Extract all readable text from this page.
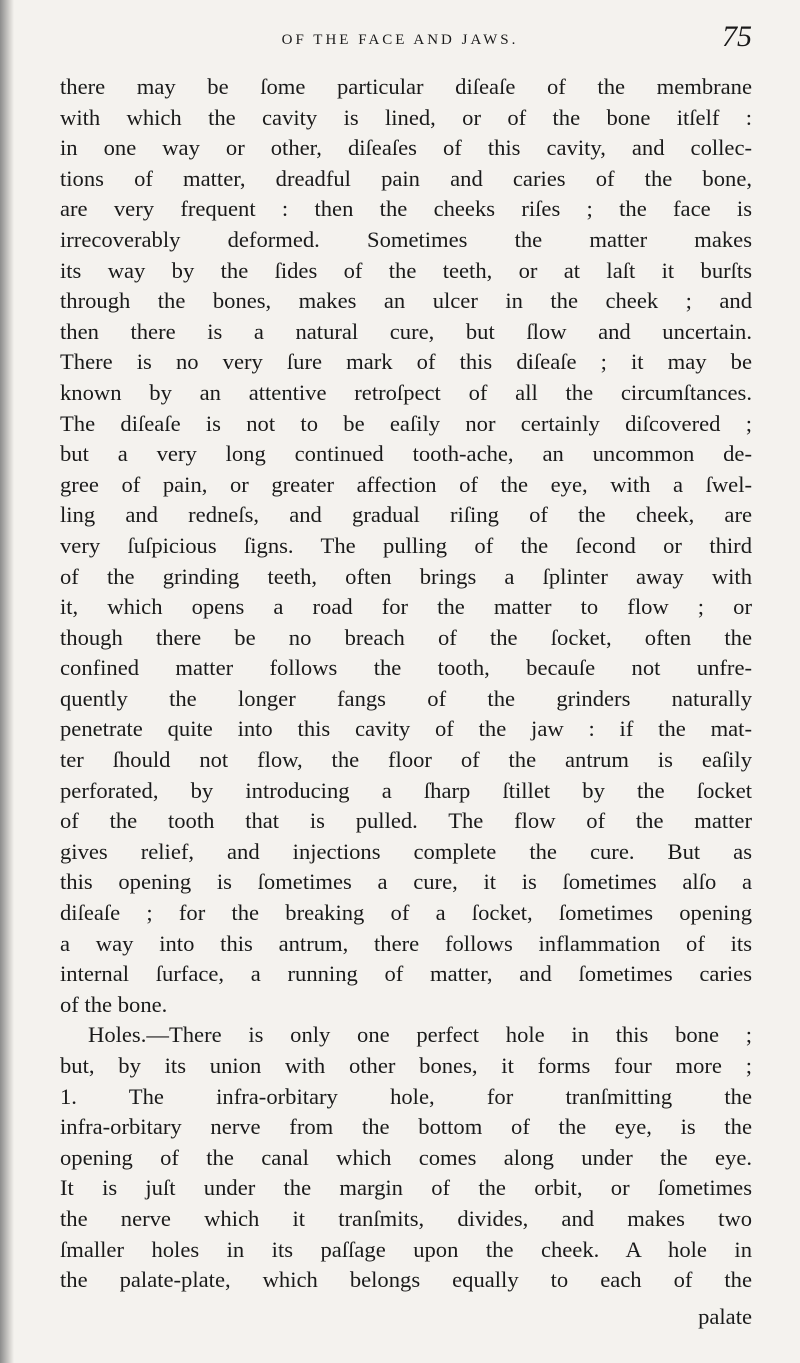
OF THE FACE AND JAWS.	75
there may be ſome particular diſeaſe of the membrane
with which the cavity is lined, or of the bone itſelf :
in one way or other, diſeaſes of this cavity, and collec-
tions of matter, dreadful pain and caries of the bone,
are very frequent : then the cheeks riſes ; the face is
irrecoverably deformed. Sometimes the matter makes
its way by the ſides of the teeth, or at laſt it burſts
through the bones, makes an ulcer in the cheek ; and
then there is a natural cure, but ſlow and uncertain.
There is no very ſure mark of this diſeaſe ; it may be
known by an attentive retroſpect of all the circumſtances.
The diſeaſe is not to be eaſily nor certainly diſcovered ;
but a very long continued tooth-ache, an uncommon de-
gree of pain, or greater affection of the eye, with a ſwel-
ling and redneſs, and gradual riſing of the cheek, are
very ſuſpicious ſigns. The pulling of the ſecond or third
of the grinding teeth, often brings a ſplinter away with
it, which opens a road for the matter to flow ; or
though there be no breach of the ſocket, often the
confined matter follows the tooth, becauſe not unfre-
quently the longer fangs of the grinders naturally
penetrate quite into this cavity of the jaw : if the mat-
ter ſhould not flow, the floor of the antrum is eaſily
perforated, by introducing a ſharp ſtillet by the ſocket
of the tooth that is pulled. The flow of the matter
gives relief, and injections complete the cure. But as
this opening is ſometimes a cure, it is ſometimes alſo a
diſeaſe ; for the breaking of a ſocket, ſometimes opening
a way into this antrum, there follows inflammation of its
internal ſurface, a running of matter, and ſometimes caries
of the bone.
Holes.—There is only one perfect hole in this bone ;
but, by its union with other bones, it forms four more ;
1. The infra-orbitary hole, for tranſmitting the
infra-orbitary nerve from the bottom of the eye, is the
opening of the canal which comes along under the eye.
It is juſt under the margin of the orbit, or ſometimes
the nerve which it tranſmits, divides, and makes two
ſmaller holes in its paſſage upon the cheek. A hole in
the palate-plate, which belongs equally to each of the
palate
